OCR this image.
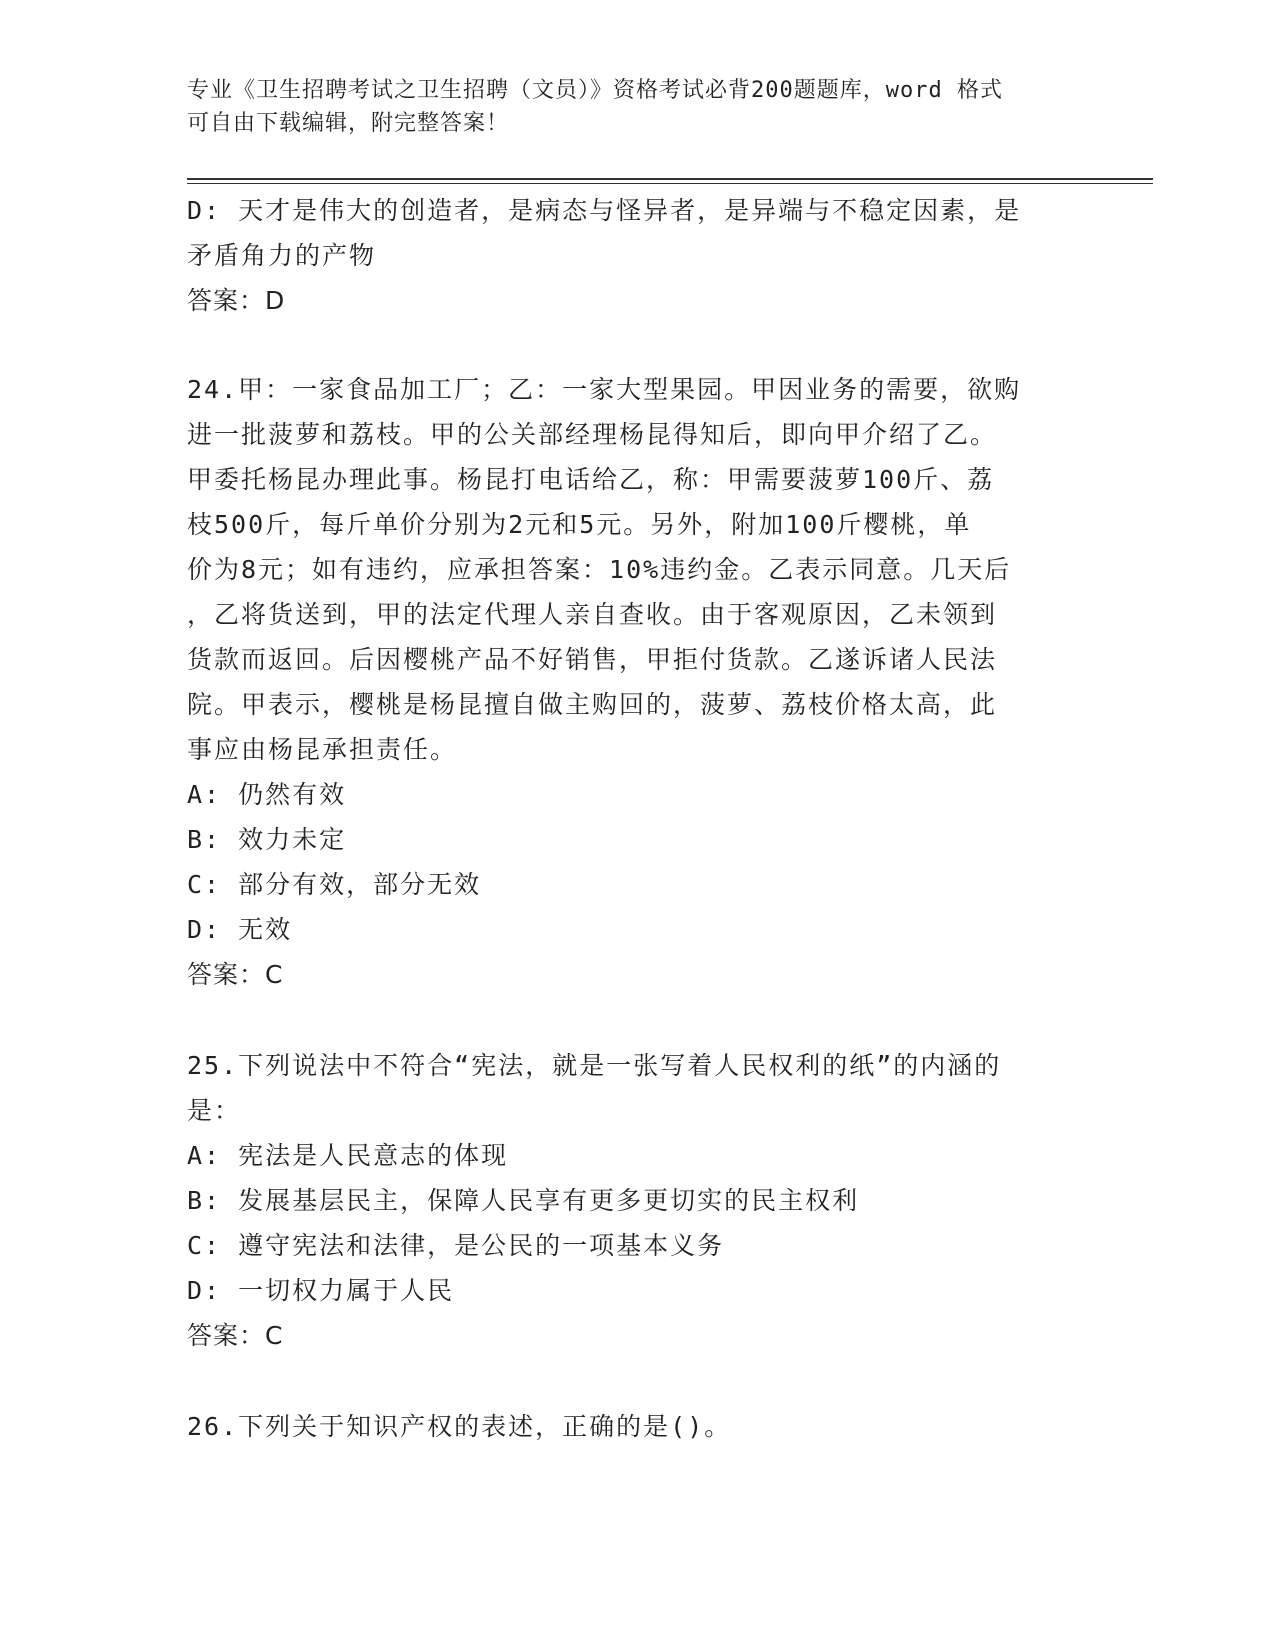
专业《卫生招聘考试之卫生招聘（文员）》资格考试必背200题题库，word 格式
可自由下载编辑，附完整答案！
D: 天才是伟大的创造者，是病态与怪异者，是异端与不稳定因素，是
矛盾角力的产物
答案：D
24.甲：一家食品加工厂；乙：一家大型果园。甲因业务的需要，欲购
进一批菠萝和荔枝。甲的公关部经理杨昆得知后，即向甲介绍了乙。
甲委托杨昆办理此事。杨昆打电话给乙，称：甲需要菠萝100斤、荔
枝500斤，每斤单价分别为2元和5元。另外，附加100斤樱桃，单
价为8元；如有违约，应承担答案：10%违约金。乙表示同意。几天后
，乙将货送到，甲的法定代理人亲自查收。由于客观原因，乙未领到
货款而返回。后因樱桃产品不好销售，甲拒付货款。乙遂诉诸人民法
院。甲表示，樱桃是杨昆擅自做主购回的，菠萝、荔枝价格太高，此
事应由杨昆承担责任。
A: 仍然有效
B: 效力未定
C: 部分有效，部分无效
D: 无效
答案：C
25.下列说法中不符合“宪法，就是一张写着人民权利的纸”的内涵的
是：
A: 宪法是人民意志的体现
B: 发展基层民主，保障人民享有更多更切实的民主权利
C: 遵守宪法和法律，是公民的一项基本义务
D: 一切权力属于人民
答案：C
26.下列关于知识产权的表述，正确的是()。
